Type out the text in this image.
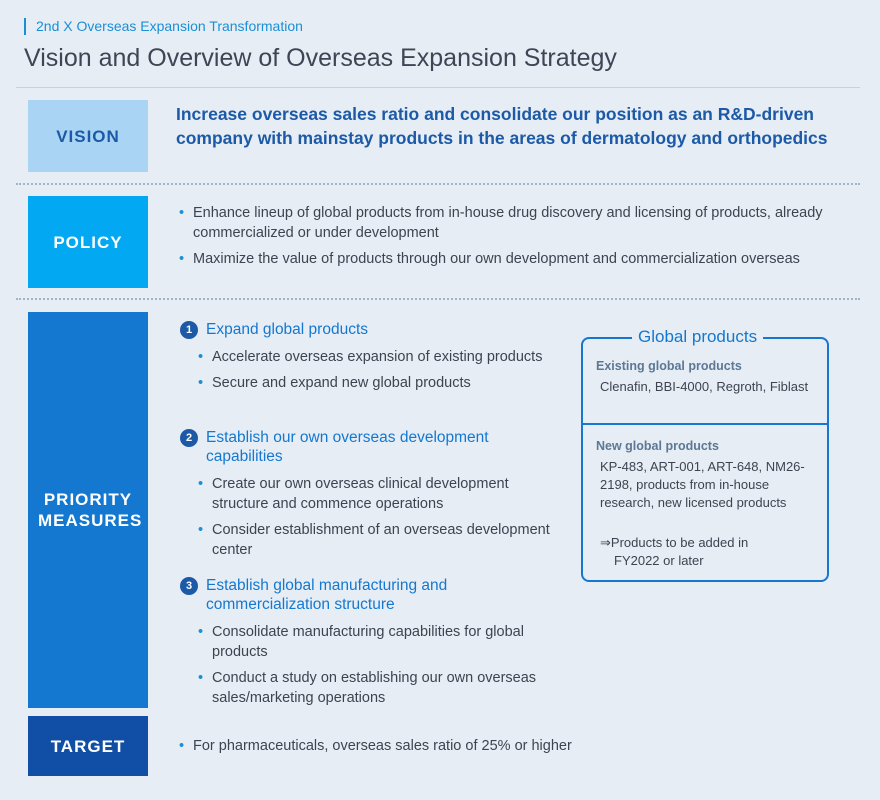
2nd X Overseas Expansion Transformation
Vision and Overview of Overseas Expansion Strategy
VISION
Increase overseas sales ratio and consolidate our position as an R&D-driven company with mainstay products in the areas of dermatology and orthopedics
POLICY
• Enhance lineup of global products from in-house drug discovery and licensing of products, already commercialized or under development
• Maximize the value of products through our own development and commercialization overseas
PRIORITY MEASURES
1 Expand global products
• Accelerate overseas expansion of existing products
• Secure and expand new global products
2 Establish our own overseas development capabilities
• Create our own overseas clinical development structure and commence operations
• Consider establishment of an overseas development center
3 Establish global manufacturing and commercialization structure
• Consolidate manufacturing capabilities for global products
• Conduct a study on establishing our own overseas sales/marketing operations
Global products
Existing global products
Clenafin, BBI-4000, Regroth, Fiblast
New global products
KP-483, ART-001, ART-648, NM26-2198, products from in-house research, new licensed products
⇒Products to be added in
FY2022 or later
TARGET
•	For pharmaceuticals, overseas sales ratio of 25% or higher
